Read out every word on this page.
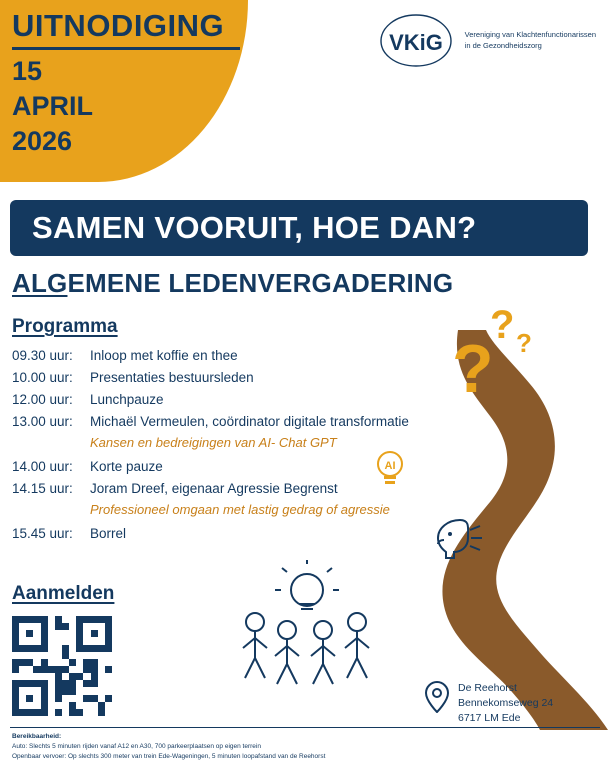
UITNODIGING
15
APRIL
2026
VKiG	Vereniging van Klachtenfunctionarissen
in de Gezondheidszorg
SAMEN VOORUIT, HOE DAN?
ALGEMENE LEDENVERGADERING
Programma
09.30 uur:	Inloop met koffie en thee
10.00 uur:	Presentaties bestuursleden
12.00 uur:	Lunchpauze
13.00 uur:	Michaël Vermeulen, coördinator digitale transformatie
Kansen en bedreigingen van AI- Chat GPT
14.00 uur:	Korte pauze
14.15 uur:	Joram Dreef, eigenaar Agressie Begrenst
Professioneel omgaan met lastig gedrag of agressie
15.45 uur:	Borrel
?
? ?
AI
Aanmelden
De Reehorst
Bennekomseweg 24
6717 LM Ede
Bereikbaarheid:
Auto: Slechts 5 minuten rijden vanaf A12 en A30, 700 parkeerplaatsen op eigen terrein
Openbaar vervoer: Op slechts 300 meter van trein Ede-Wageningen, 5 minuten loopafstand van de Reehorst
